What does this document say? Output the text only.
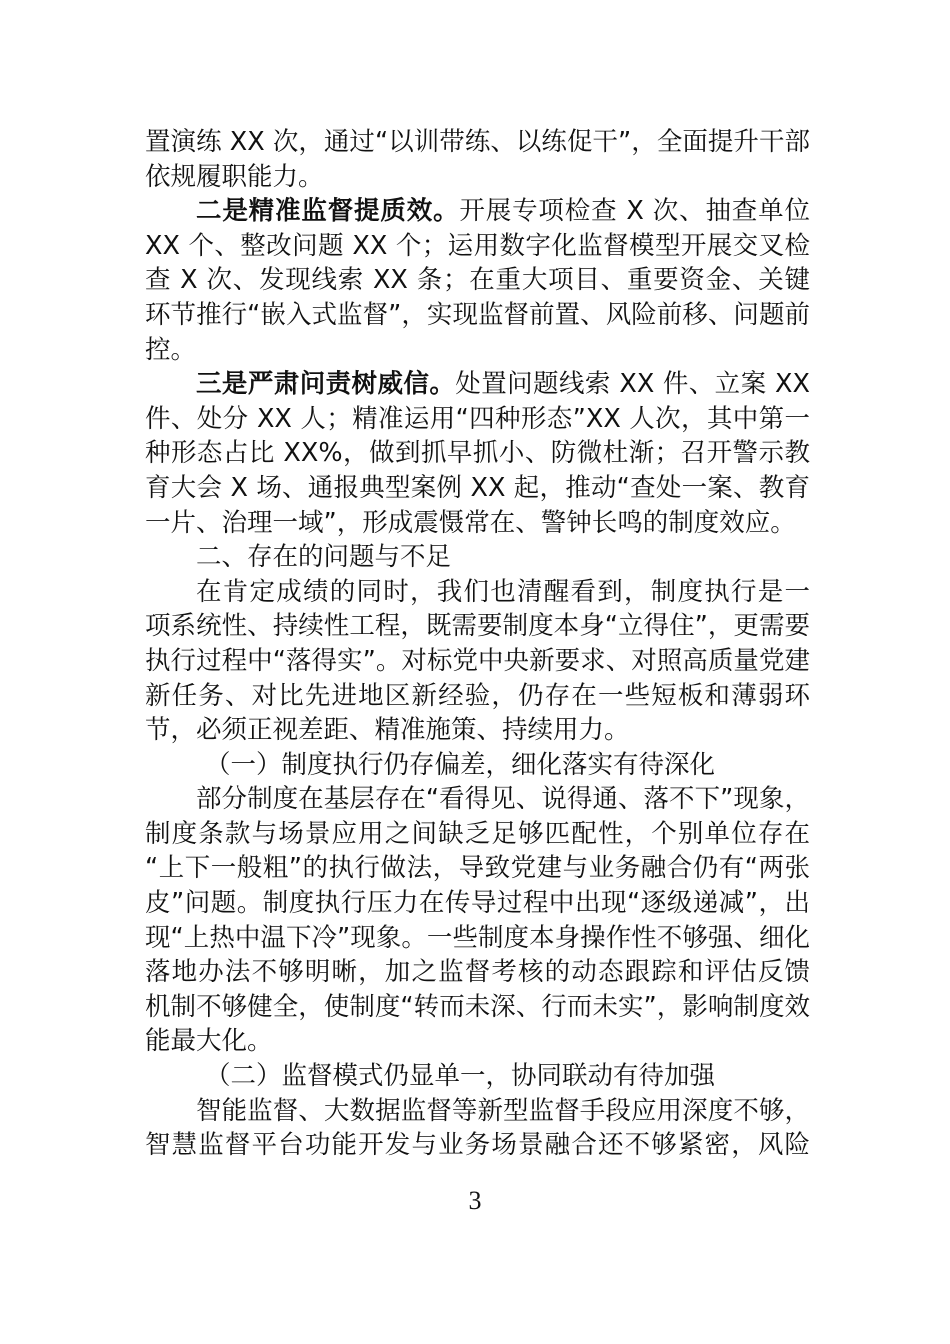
置演练 XX 次，通过“以训带练、以练促干”，全面提升干部
依规履职能力。
二是精准监督提质效。开展专项检查 X 次、抽查单位
XX 个、整改问题 XX 个；运用数字化监督模型开展交叉检
查 X 次、发现线索 XX 条；在重大项目、重要资金、关键
环节推行“嵌入式监督”，实现监督前置、风险前移、问题前
控。
三是严肃问责树威信。处置问题线索 XX 件、立案 XX
件、处分 XX 人；精准运用“四种形态”XX 人次，其中第一
种形态占比 XX%，做到抓早抓小、防微杜渐；召开警示教
育大会 X 场、通报典型案例 XX 起，推动“查处一案、教育
一片、治理一域”，形成震慑常在、警钟长鸣的制度效应。
二、存在的问题与不足
在肯定成绩的同时，我们也清醒看到，制度执行是一
项系统性、持续性工程，既需要制度本身“立得住”，更需要
执行过程中“落得实”。对标党中央新要求、对照高质量党建
新任务、对比先进地区新经验，仍存在一些短板和薄弱环
节，必须正视差距、精准施策、持续用力。
（一）制度执行仍存偏差，细化落实有待深化
部分制度在基层存在“看得见、说得通、落不下”现象，
制度条款与场景应用之间缺乏足够匹配性，个别单位存在
“上下一般粗”的执行做法，导致党建与业务融合仍有“两张
皮”问题。制度执行压力在传导过程中出现“逐级递减”，出
现“上热中温下冷”现象。一些制度本身操作性不够强、细化
落地办法不够明晰，加之监督考核的动态跟踪和评估反馈
机制不够健全，使制度“转而未深、行而未实”，影响制度效
能最大化。
（二）监督模式仍显单一，协同联动有待加强
智能监督、大数据监督等新型监督手段应用深度不够，
智慧监督平台功能开发与业务场景融合还不够紧密，风险
3
